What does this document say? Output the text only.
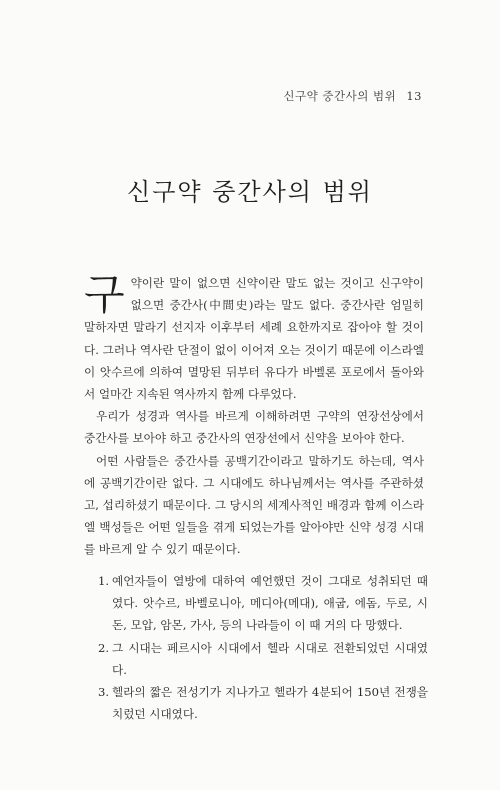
신구약 중간사의 범위 13
신구약 중간사의 범위

구 약이란 말이 없으면 신약이란 말도 없는 것이고 신구약이 없으면 중간사(中間史)라는 말도 없다. 중간사란 엄밀히 말하자면 말라기 선지자 이후부터 세례 요한까지로 잡아야 할 것이다. 그러나 역사란 단절이 없이 이어져 오는 것이기 때문에 이스라엘이 앗수르에 의하여 멸망된 뒤부터 유다가 바벨론 포로에서 돌아와서 얼마간 지속된 역사까지 함께 다루었다.

우리가 성경과 역사를 바르게 이해하려면 구약의 연장선상에서 중간사를 보아야 하고 중간사의 연장선에서 신약을 보아야 한다.

어떤 사람들은 중간사를 공백기간이라고 말하기도 하는데, 역사에 공백기간이란 없다. 그 시대에도 하나님께서는 역사를 주관하셨고, 섭리하셨기 때문이다. 그 당시의 세계사적인 배경과 함께 이스라엘 백성들은 어떤 일들을 겪게 되었는가를 알아야만 신약 성경 시대를 바르게 알 수 있기 때문이다.

1. 예언자들이 열방에 대하여 예언했던 것이 그대로 성취되던 때였다. 앗수르, 바벨로니아, 메디아(메대), 애굽, 에돔, 두로, 시돈, 모압, 암몬, 가사, 등의 나라들이 이 때 거의 다 망했다.
2. 그 시대는 페르시아 시대에서 헬라 시대로 전환되었던 시대였다.
3. 헬라의 짧은 전성기가 지나가고 헬라가 4분되어 150년 전쟁을 치렀던 시대였다.
